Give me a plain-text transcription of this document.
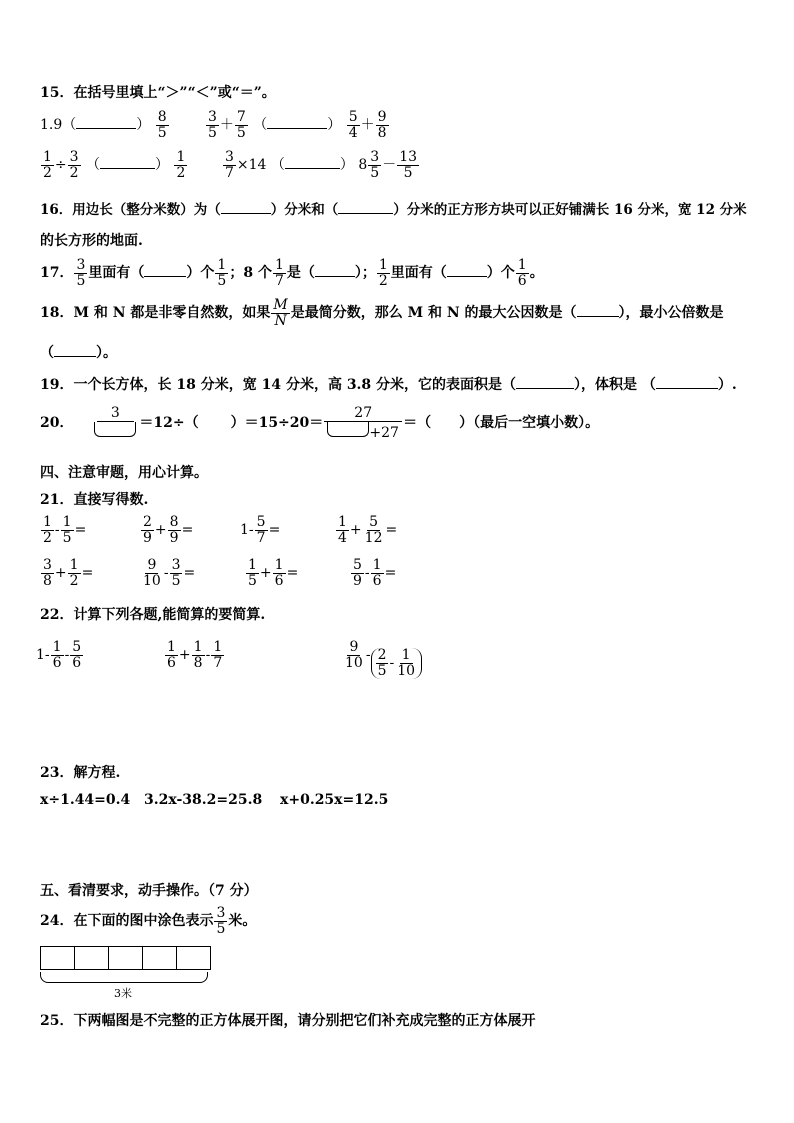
15．在括号里填上“＞”“＜”或“＝”。
1.9（	） $\frac{8}{5}$	$\frac{3}{5} + \frac{7}{5}$ （	） $\frac{5}{4} + \frac{9}{8}$
$\frac{1}{2} \div \frac{3}{2}$ （	） $\frac{1}{2}$	$\frac{3}{7} \times 14$ （	） $8 \frac{3}{5} - \frac{13}{5}$
16．用边长（整分米数）为（	）分米和（	）分米的正方形方块可以正好铺满长 16 分米，宽 12 分米
的长方形的地面.
17． $\frac{3}{5}$ 里面有（	）个 $\frac{1}{5}$ ；8 个 $\frac{1}{7}$ 是（	）； $\frac{1}{2}$ 里面有（	）个 $\frac{1}{6}$ 。
18．M 和 N 都是非零自然数，如果 $\frac{M}{N}$ 是最简分数，那么 M 和 N 的最大公因数是（	），最小公倍数是
（	）。
19．一个长方体，长 18 分米，宽 14 分米，高 3.8 分米，它的表面积是（	），体积是 （	）.
20．
3
＝12÷（ ）$=15\div 20= \frac{27}{+27}$ ＝（ ）（最后一空填小数）。
四、注意审题，用心计算。
21．直接写得数.
$\frac{1}{2} - \frac{1}{5}$ =	$\frac{2}{9} + \frac{8}{9}$ =	$1- \frac{5}{7}$ =	$\frac{1}{4} + \frac{5}{12}$ =
$\frac{3}{8} + \frac{1}{2}$ =	$\frac{9}{10} - \frac{3}{5}$ =	$\frac{1}{5} + \frac{1}{6}$ =	$\frac{5}{9} - \frac{1}{6}$ =
22．计算下列各题,能简算的要简算.
$1- \frac{1}{6} - \frac{5}{6}$	$\frac{1}{6} + \frac{1}{8} - \frac{1}{7}$	$\frac{9}{10} - \frac{2}{5} - \frac{1}{10}$
23．解方程.
x÷1.44=0.4 3.2x-38.2=25.8 x+0.25x=12.5
五、看清要求，动手操作。（7 分）
24．在下面的图中涂色表示 $\frac{3}{5}$ 米。
3米
25．下两幅图是不完整的正方体展开图，请分别把它们补充成完整的正方体展开
